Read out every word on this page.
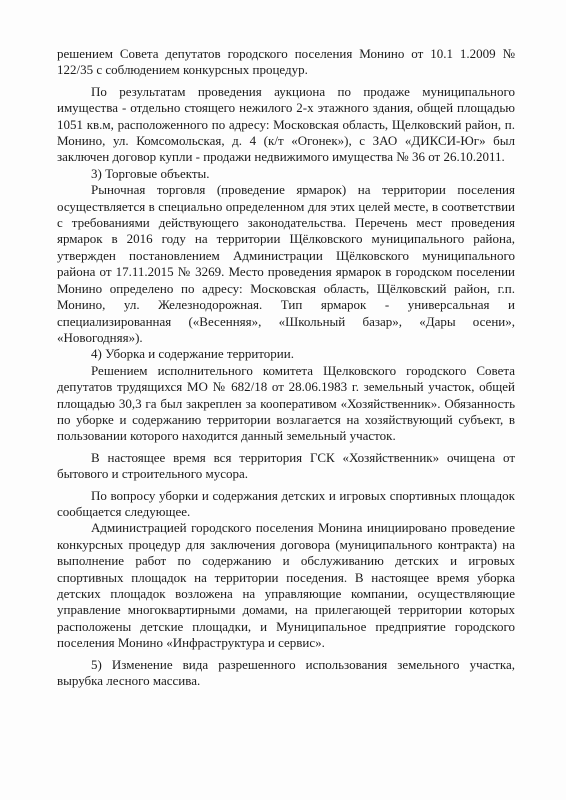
решением Совета депутатов городского поселения Монино от 10.1 1.2009 № 122/35 с соблюдением конкурсных процедур.

По результатам проведения аукциона по продаже муниципального имущества - отдельно стоящего нежилого 2-х этажного здания, общей площадью 1051 кв.м, расположенного по адресу: Московская область, Щелковский район, п. Монино, ул. Комсомольская, д. 4 (к/т «Огонек»), с ЗАО «ДИКСИ-Юг» был заключен договор купли - продажи недвижимого имущества № 36 от 26.10.2011.

3) Торговые объекты.

Рыночная торговля (проведение ярмарок) на территории поселения осуществляется в специально определенном для этих целей месте, в соответствии с требованиями действующего законодательства. Перечень мест проведения ярмарок в 2016 году на территории Щёлковского муниципального района, утвержден постановлением Администрации Щёлковского муниципального района от 17.11.2015 № 3269. Место проведения ярмарок в городском поселении Монино определено по адресу: Московская область, Щёлковский район, г.п. Монино, ул. Железнодорожная. Тип ярмарок - универсальная и специализированная («Весенняя», «Школьный базар», «Дары осени», «Новогодняя»).

4) Уборка и содержание территории.

Решением исполнительного комитета Щелковского городского Совета депутатов трудящихся МО № 682/18 от 28.06.1983 г. земельный участок, общей площадью 30,3 га был закреплен за кооперативом «Хозяйственник». Обязанность по уборке и содержанию территории возлагается на хозяйствующий субъект, в пользовании которого находится данный земельный участок.

В настоящее время вся территория ГСК «Хозяйственник» очищена от бытового и строительного мусора.

По вопросу уборки и содержания детских и игровых спортивных площадок сообщается следующее.

Администрацией городского поселения Монина инициировано проведение конкурсных процедур для заключения договора (муниципального контракта) на выполнение работ по содержанию и обслуживанию детских и игровых спортивных площадок на территории поседения. В настоящее время уборка детских площадок возложена на управляющие компании, осуществляющие управление многоквартирными домами, на прилегающей территории которых расположены детские площадки, и Муниципальное предприятие городского поселения Монино «Инфраструктура и сервис».

5) Изменение вида разрешенного использования земельного участка, вырубка лесного массива.
